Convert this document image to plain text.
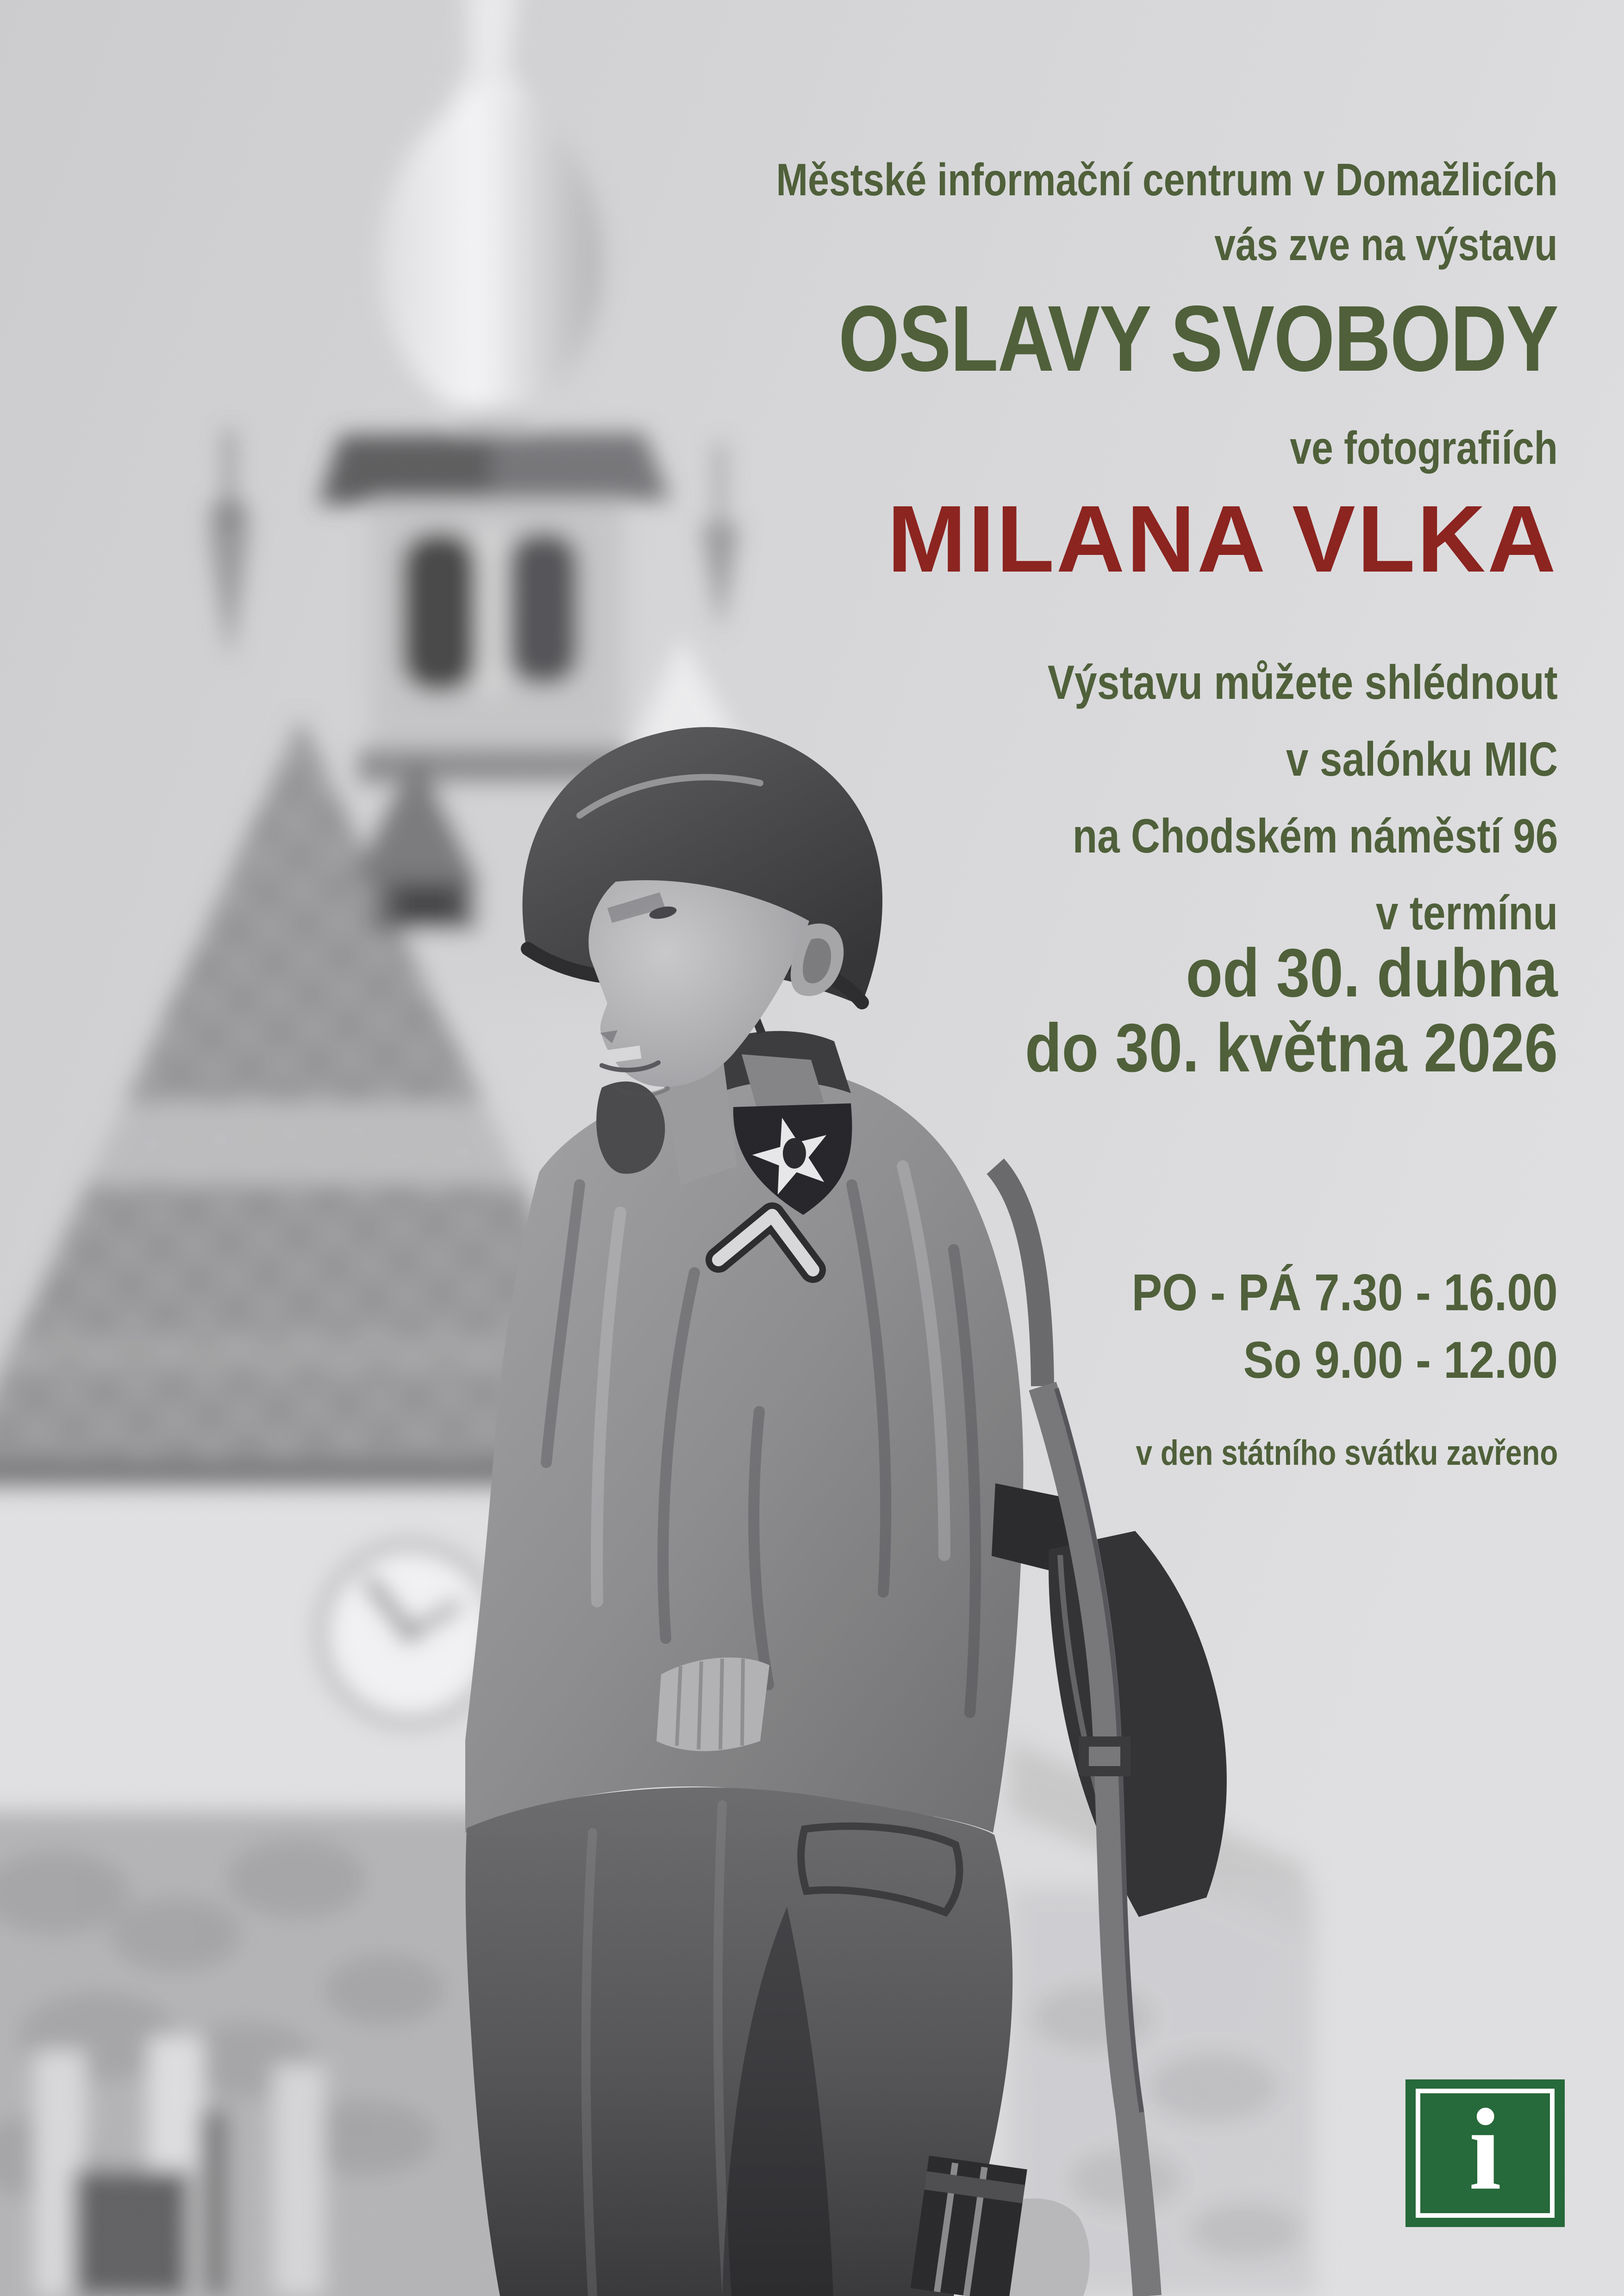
Městské informační centrum v Domažlicích
vás zve na výstavu
OSLAVY SVOBODY
ve fotografiích
MILANA VLKA
Výstavu můžete shlédnout
v salónku MIC
na Chodském náměstí 96
v termínu
od 30. dubna
do 30. května 2026
PO - PÁ 7.30 - 16.00
So 9.00 - 12.00
v den státního svátku zavřeno
i
